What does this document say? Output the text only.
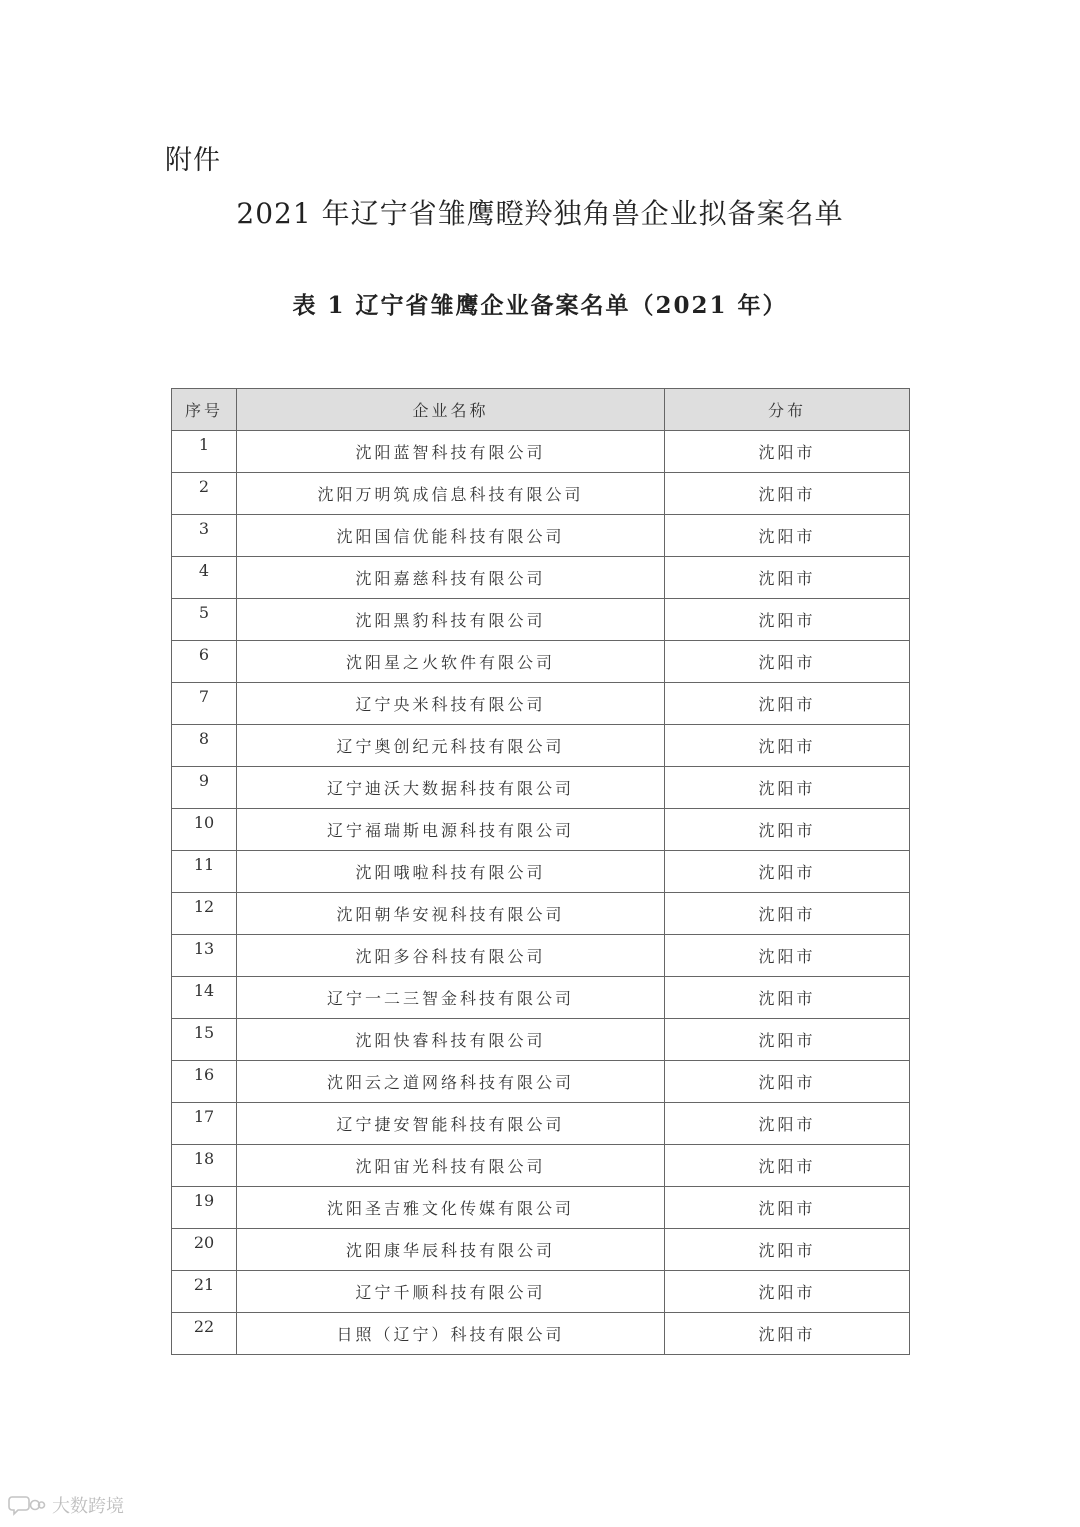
附件
2021 年辽宁省雏鹰瞪羚独角兽企业拟备案名单
表 1 辽宁省雏鹰企业备案名单（2021 年）
序号	企业名称	分布
1	沈阳蓝智科技有限公司	沈阳市
2	沈阳万明筑成信息科技有限公司	沈阳市
3	沈阳国信优能科技有限公司	沈阳市
4	沈阳嘉慈科技有限公司	沈阳市
5	沈阳黑豹科技有限公司	沈阳市
6	沈阳星之火软件有限公司	沈阳市
7	辽宁央米科技有限公司	沈阳市
8	辽宁奥创纪元科技有限公司	沈阳市
9	辽宁迪沃大数据科技有限公司	沈阳市
10	辽宁福瑞斯电源科技有限公司	沈阳市
11	沈阳哦啦科技有限公司	沈阳市
12	沈阳朝华安视科技有限公司	沈阳市
13	沈阳多谷科技有限公司	沈阳市
14	辽宁一二三智金科技有限公司	沈阳市
15	沈阳快睿科技有限公司	沈阳市
16	沈阳云之道网络科技有限公司	沈阳市
17	辽宁捷安智能科技有限公司	沈阳市
18	沈阳宙光科技有限公司	沈阳市
19	沈阳圣吉雅文化传媒有限公司	沈阳市
20	沈阳康华辰科技有限公司	沈阳市
21	辽宁千顺科技有限公司	沈阳市
22	日照（辽宁）科技有限公司	沈阳市
大数跨境
